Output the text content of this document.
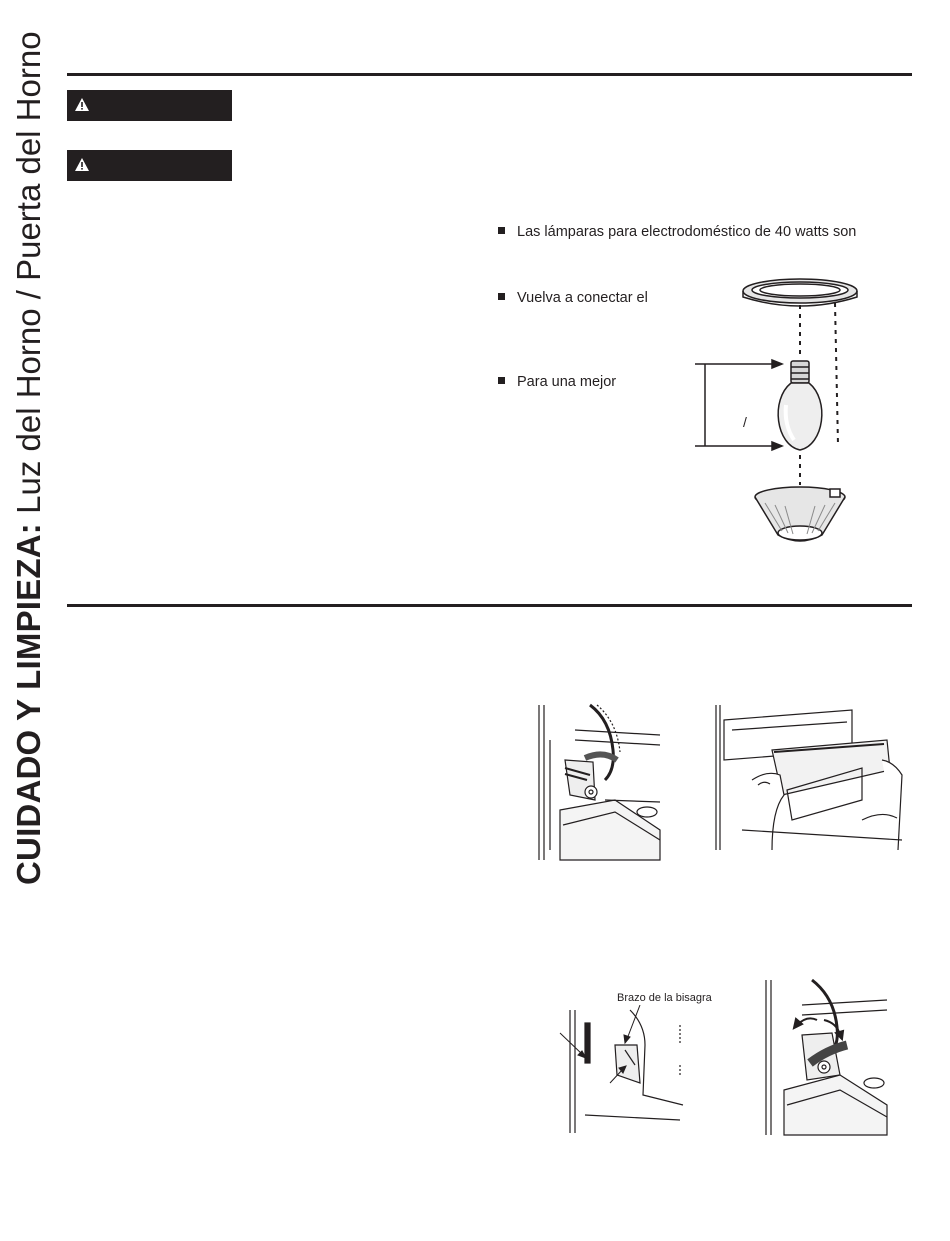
CUIDADO Y LIMPIEZA: Luz del Horno / Puerta del Horno	Las lámparas para electrodoméstico de 40 watts son
Vuelva a conectar el
Para una mejor
/
Brazo de la bisagra
